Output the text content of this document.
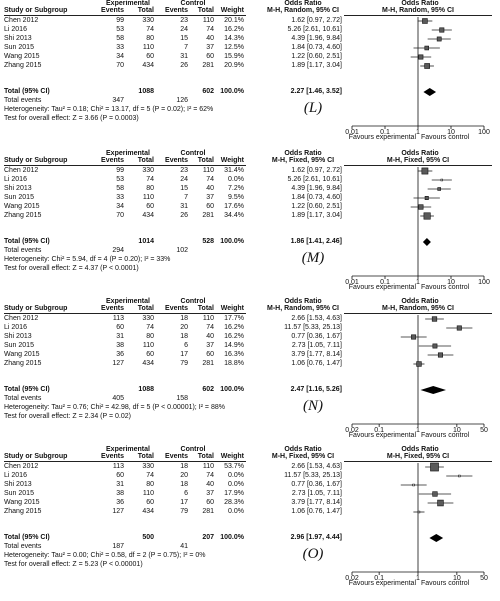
Experimental	Control	Odds Ratio	Odds Ratio
Study or Subgroup	Events	Total	Events	Total Weight	M-H, Random, 95% CI	M-H, Random, 95% CI
Chen 2012	99	330	23	110	20.1%	1.62 [0.97, 2.72]
Li 2016	53	74	24	74	16.2%	5.26 [2.61, 10.61]
Shi 2013	58	80	15	40	14.3%	4.39 [1.96, 9.84]
Sun 2015	33	110	7	37	12.5%	1.84 [0.73, 4.60]
Wang 2015	34	60	31	60	15.9%	1.22 [0.60, 2.51]
Zhang 2015	70	434	26	281	20.9%	1.89 [1.17, 3.04]
Total (95% CI)	1088	602 100.0%	2.27 [1.46, 3.52]
Total events	347	126
Heterogeneity: Tau² = 0.18; Chi² = 13.17, df = 5 (P = 0.02); I² = 62%
Test for overall effect: Z = 3.66 (P = 0.0003)
(L)
0.01	0.1	1	10	100
Favours experimental Favours control
Experimental	Control	Odds Ratio	Odds Ratio
Study or Subgroup	Events	Total	Events	Total Weight	M-H, Fixed, 95% CI	M-H, Fixed, 95% CI
Chen 2012	99	330	23	110	31.4%	1.62 [0.97, 2.72]
Li 2016	53	74	24	74	0.0%	5.26 [2.61, 10.61]
Shi 2013	58	80	15	40	7.2%	4.39 [1.96, 9.84]
Sun 2015	33	110	7	37	9.5%	1.84 [0.73, 4.60]
Wang 2015	34	60	31	60	17.6%	1.22 [0.60, 2.51]
Zhang 2015	70	434	26	281	34.4%	1.89 [1.17, 3.04]
Total (95% CI)	1014	528 100.0%	1.86 [1.41, 2.46]
Total events	294	102
Heterogeneity: Chi² = 5.94, df = 4 (P = 0.20); I² = 33%
Test for overall effect: Z = 4.37 (P < 0.0001)
(M)
0.01	0.1	1	10	100
Favours experimental Favours control
Experimental	Control	Odds Ratio	Odds Ratio
Study or Subgroup	Events	Total	Events	Total Weight	M-H, Random, 95% CI	M-H, Random, 95% CI
Chen 2012	113	330	18	110	17.7%	2.66 [1.53, 4.63]
Li 2016	60	74	20	74	16.2%	11.57 [5.33, 25.13]
Shi 2013	31	80	18	40	16.2%	0.77 [0.36, 1.67]
Sun 2015	38	110	6	37	14.9%	2.73 [1.05, 7.11]
Wang 2015	36	60	17	60	16.3%	3.79 [1.77, 8.14]
Zhang 2015	127	434	79	281	18.8%	1.06 [0.76, 1.47]
Total (95% CI)	1088	602 100.0%	2.47 [1.16, 5.26]
Total events	405	158
Heterogeneity: Tau² = 0.76; Chi² = 42.98, df = 5 (P < 0.00001); I² = 88%
Test for overall effect: Z = 2.34 (P = 0.02)
(N)
0.02	0.1	1	10	50
Favours experimental Favours control
Experimental	Control	Odds Ratio	Odds Ratio
Study or Subgroup	Events	Total	Events	Total Weight	M-H, Fixed, 95% CI	M-H, Fixed, 95% CI
Chen 2012	113	330	18	110	53.7%	2.66 [1.53, 4.63]
Li 2016	60	74	20	74	0.0%	11.57 [5.33, 25.13]
Shi 2013	31	80	18	40	0.0%	0.77 [0.36, 1.67]
Sun 2015	38	110	6	37	17.9%	2.73 [1.05, 7.11]
Wang 2015	36	60	17	60	28.3%	3.79 [1.77, 8.14]
Zhang 2015	127	434	79	281	0.0%	1.06 [0.76, 1.47]
Total (95% CI)	500	207 100.0%	2.96 [1.97, 4.44]
Total events	187	41
Heterogeneity: Tau² = 0.00; Chi² = 0.58, df = 2 (P = 0.75); I² = 0%
Test for overall effect: Z = 5.23 (P < 0.00001)
(O)
0.02	0.1	1	10	50
Favours experimental Favours control
